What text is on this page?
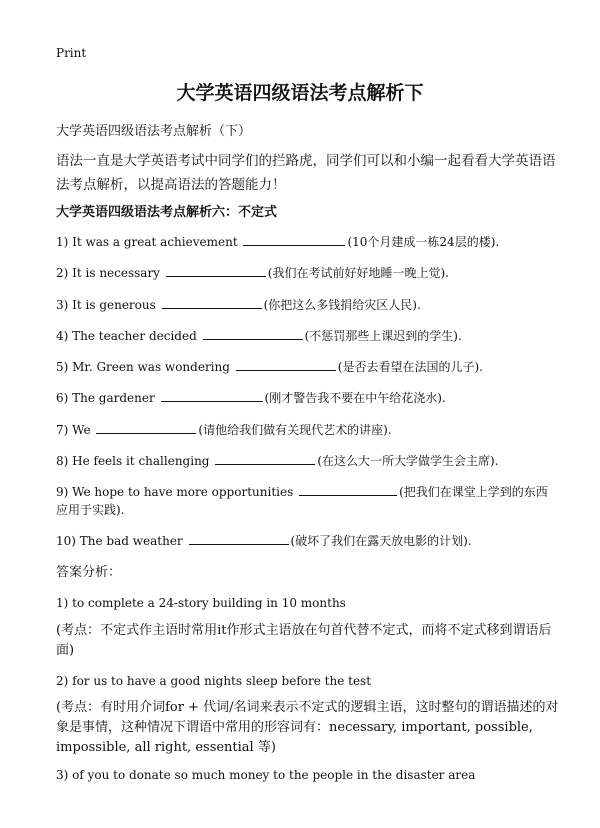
Print
大学英语四级语法考点解析下
大学英语四级语法考点解析（下）
语法一直是大学英语考试中同学们的拦路虎，同学们可以和小编一起看看大学英语语法考点解析，以提高语法的答题能力！
大学英语四级语法考点解析六：不定式
1) It was a great achievement	(10个月建成一栋24层的楼).
2) It is necessary	(我们在考试前好好地睡一晚上觉).
3) It is generous	(你把这么多钱捐给灾区人民).
4) The teacher decided	(不惩罚那些上课迟到的学生).
5) Mr. Green was wondering	(是否去看望在法国的儿子).
6) The gardener	(刚才警告我不要在中午给花浇水).
7) We	(请他给我们做有关现代艺术的讲座).
8) He feels it challenging	(在这么大一所大学做学生会主席).
9) We hope to have more opportunities	(把我们在课堂上学到的东西应用于实践).
10) The bad weather	(破坏了我们在露天放电影的计划).
答案分析：
1) to complete a 24-story building in 10 months
(考点：不定式作主语时常用it作形式主语放在句首代替不定式，而将不定式移到谓语后面)
2) for us to have a good nights sleep before the test
(考点：有时用介词for + 代词/名词来表示不定式的逻辑主语，这时整句的谓语描述的对象是事情，这种情况下谓语中常用的形容词有：necessary, important, possible, impossible, all right, essential 等)
3) of you to donate so much money to the people in the disaster area
